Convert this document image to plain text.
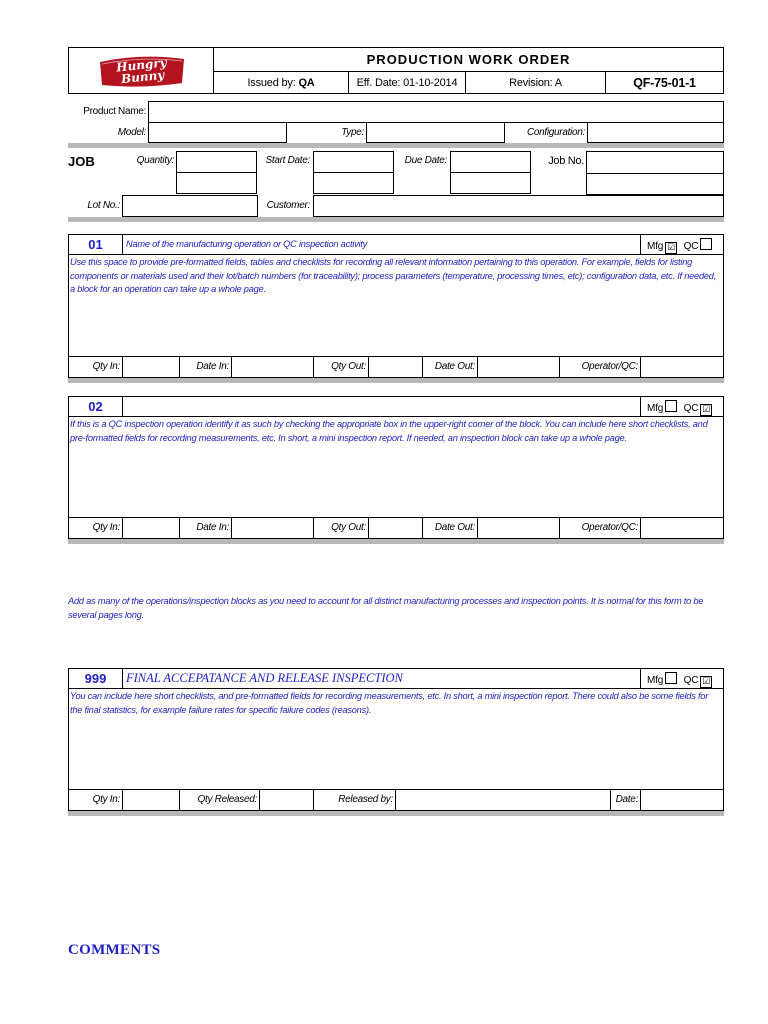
Hungry Bunny
PRODUCTION WORK ORDER
Issued by: QA	Eff. Date: 01-10-2014	Revision: A	QF-75-01-1
Product Name:
Model:	Type:	Configuration:
JOB	Quantity:	Start Date:	Due Date:	Job No.
Lot No.:	Customer:
01	Name of the manufacturing operation or QC inspection activity	Mfg ☑ QC
Use this space to provide pre-formatted fields, tables and checklists for recording all relevant information pertaining to this operation. For example, fields for listing components or materials used and their lot/batch numbers (for traceability); process parameters (temperature, processing times, etc); configuration data, etc. If needed, a block for an operation can take up a whole page.
Qty In:	Date In:	Qty Out:	Date Out:	Operator/QC:
02	Mfg QC ☑
If this is a QC inspection operation identify it as such by checking the appropriate box in the upper-right corner of the block. You can include here short checklists, and pre-formatted fields for recording measurements, etc. In short, a mini inspection report. If needed, an inspection block can take up a whole page.
Qty In:	Date In:	Qty Out:	Date Out:	Operator/QC:
Add as many of the operations/inspection blocks as you need to account for all distinct manufacturing processes and inspection points. It is normal for this form to be several pages long.
999	FINAL ACCEPATANCE AND RELEASE INSPECTION	Mfg QC ☑
You can include here short checklists, and pre-formatted fields for recording measurements, etc. In short, a mini inspection report. There could also be some fields for the final statistics, for example failure rates for specific failure codes (reasons).
Qty In:	Qty Released:	Released by:	Date:
COMMENTS
